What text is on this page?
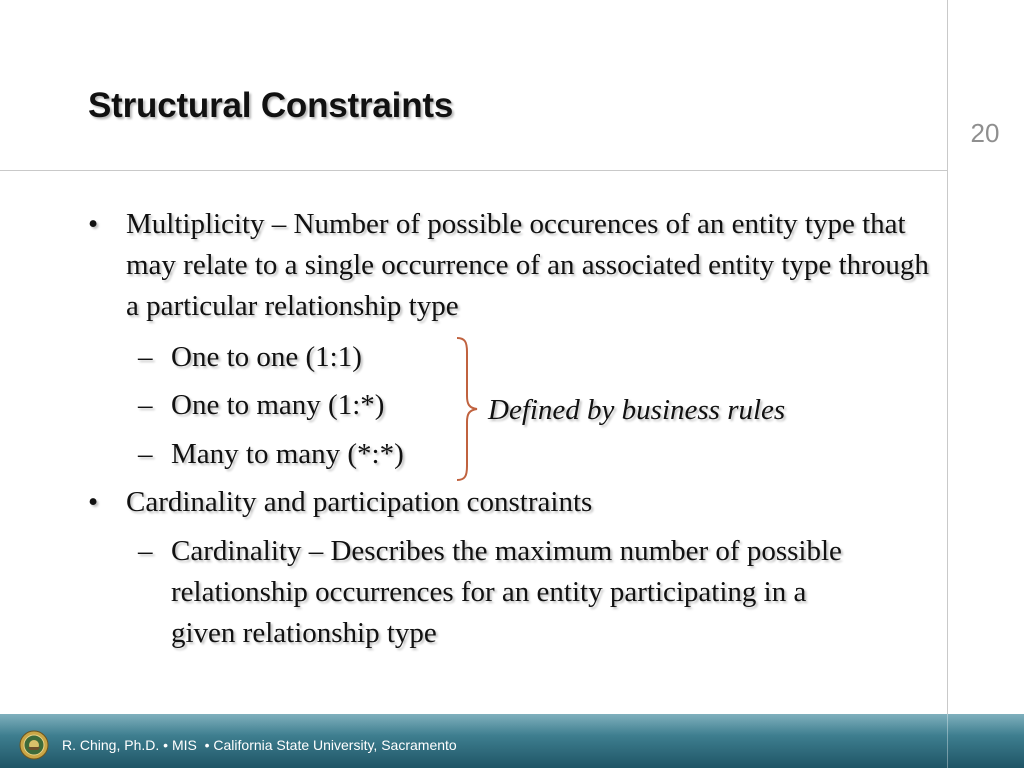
Structural Constraints
20
• Multiplicity – Number of possible occurences of an entity type that may relate to a single occurrence of an associated entity type through a particular relationship type
– One to one (1:1)
– One to many (1:*)
– Many to many (*:*)
Defined by business rules
• Cardinality and participation constraints
– Cardinality – Describes the maximum number of possible relationship occurrences for an entity participating in a given relationship type
R. Ching, Ph.D. • MIS  • California State University, Sacramento
